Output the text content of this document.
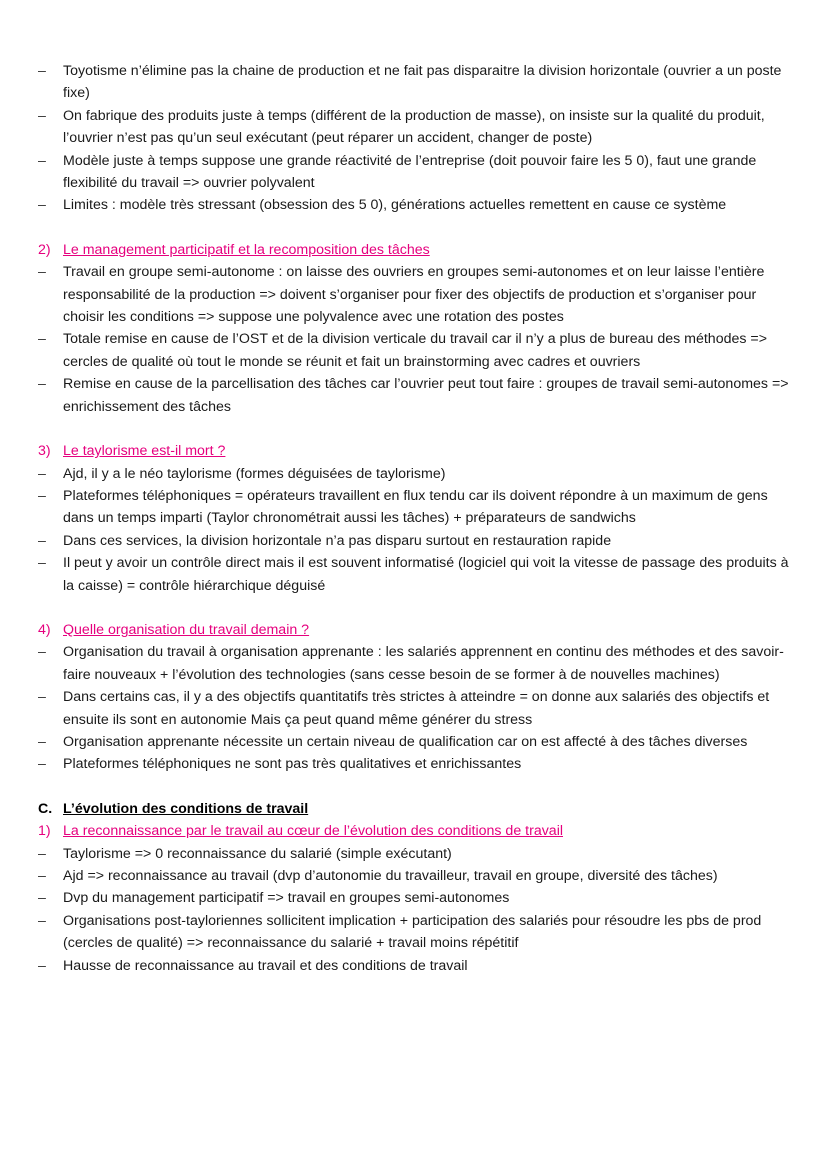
– Toyotisme n’élimine pas la chaine de production et ne fait pas disparaitre la division horizontale (ouvrier a un poste fixe)
– On fabrique des produits juste à temps (différent de la production de masse), on insiste sur la qualité du produit, l’ouvrier n’est pas qu’un seul exécutant (peut réparer un accident, changer de poste)
– Modèle juste à temps suppose une grande réactivité de l’entreprise (doit pouvoir faire les 5 0), faut une grande flexibilité du travail => ouvrier polyvalent
– Limites : modèle très stressant (obsession des 5 0), générations actuelles remettent en cause ce système
2) Le management participatif et la recomposition des tâches
– Travail en groupe semi-autonome : on laisse des ouvriers en groupes semi-autonomes et on leur laisse l’entière responsabilité de la production => doivent s’organiser pour fixer des objectifs de production et s’organiser pour choisir les conditions => suppose une polyvalence avec une rotation des postes
– Totale remise en cause de l’OST et de la division verticale du travail car il n’y a plus de bureau des méthodes => cercles de qualité où tout le monde se réunit et fait un brainstorming avec cadres et ouvriers
– Remise en cause de la parcellisation des tâches car l’ouvrier peut tout faire : groupes de travail semi-autonomes => enrichissement des tâches
3) Le taylorisme est-il mort ?
– Ajd, il y a le néo taylorisme (formes déguisées de taylorisme)
– Plateformes téléphoniques = opérateurs travaillent en flux tendu car ils doivent répondre à un maximum de gens dans un temps imparti (Taylor chronométrait aussi les tâches) + préparateurs de sandwichs
– Dans ces services, la division horizontale n’a pas disparu surtout en restauration rapide
– Il peut y avoir un contrôle direct mais il est souvent informatisé (logiciel qui voit la vitesse de passage des produits à la caisse) = contrôle hiérarchique déguisé
4) Quelle organisation du travail demain ?
– Organisation du travail à organisation apprenante : les salariés apprennent en continu des méthodes et des savoir-faire nouveaux + l’évolution des technologies (sans cesse besoin de se former à de nouvelles machines)
– Dans certains cas, il y a des objectifs quantitatifs très strictes à atteindre = on donne aux salariés des objectifs et ensuite ils sont en autonomie Mais ça peut quand même générer du stress
– Organisation apprenante nécessite un certain niveau de qualification car on est affecté à des tâches diverses
– Plateformes téléphoniques ne sont pas très qualitatives et enrichissantes
C. L’évolution des conditions de travail
1) La reconnaissance par le travail au cœur de l’évolution des conditions de travail
– Taylorisme => 0 reconnaissance du salarié (simple exécutant)
– Ajd => reconnaissance au travail (dvp d’autonomie du travailleur, travail en groupe, diversité des tâches)
– Dvp du management participatif => travail en groupes semi-autonomes
– Organisations post-tayloriennes sollicitent implication + participation des salariés pour résoudre les pbs de prod (cercles de qualité) => reconnaissance du salarié + travail moins répétitif
– Hausse de reconnaissance au travail et des conditions de travail
